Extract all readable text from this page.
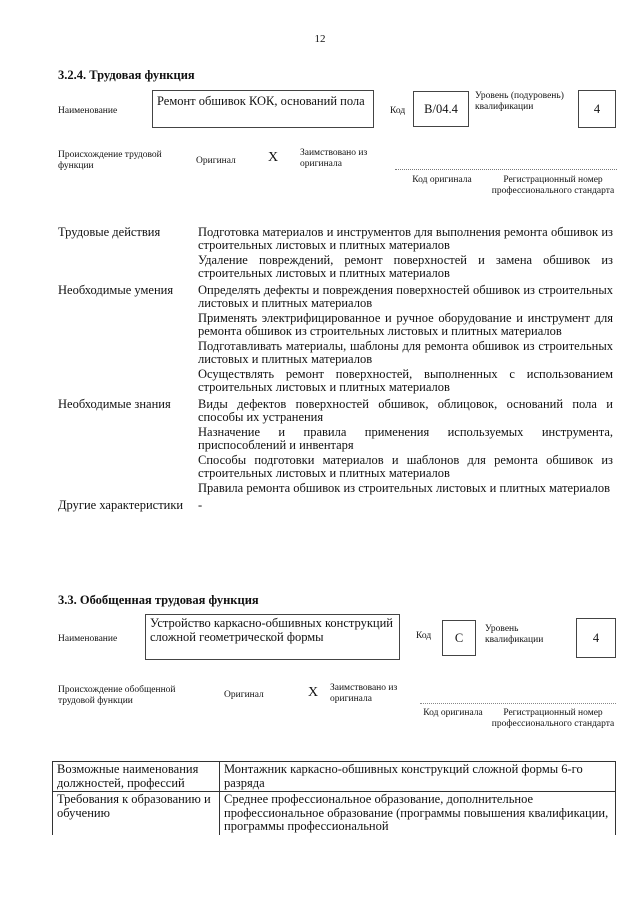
12
3.2.4. Трудовая функция
Наименование
Ремонт обшивок КОК, оснований пола
Код	B/04.4
Уровень (подуровень) квалификации	4
Происхождение трудовой функции	Оригинал X Заимствовано из оригинала
Код оригинала	Регистрационный номер профессионального стандарта
Трудовые действия	Подготовка материалов и инструментов для выполнения ремонта обшивок из строительных листовых и плитных материалов

Удаление повреждений, ремонт поверхностей и замена обшивок из строительных листовых и плитных материалов

Необходимые умения	Определять дефекты и повреждения поверхностей обшивок из строительных листовых и плитных материалов

Применять электрифицированное и ручное оборудование и инструмент для ремонта обшивок из строительных листовых и плитных материалов

Подготавливать материалы, шаблоны для ремонта обшивок из строительных листовых и плитных материалов

Осуществлять ремонт поверхностей, выполненных с использованием строительных листовых и плитных материалов

Необходимые знания	Виды дефектов поверхностей обшивок, облицовок, оснований пола и способы их устранения

Назначение и правила применения используемых инструмента, приспособлений и инвентаря

Способы подготовки материалов и шаблонов для ремонта обшивок из строительных листовых и плитных материалов

Правила ремонта обшивок из строительных листовых и плитных материалов

Другие характеристики	-

3.3. Обобщенная трудовая функция
Наименование
Устройство каркасно-обшивных конструкций сложной геометрической формы	Код	C
Уровень квалификации	4
Происхождение обобщенной трудовой функции
Оригинал	X Заимствовано из оригинала
Код оригинала	Регистрационный номер профессионального стандарта
Возможные наименования должностей, профессий	Монтажник каркасно-обшивных конструкций сложной формы 6-го разряда
Требования к образованию и обучению	Среднее профессиональное образование, дополнительное профессиональное образование (программы повышения квалификации, программы профессиональной
